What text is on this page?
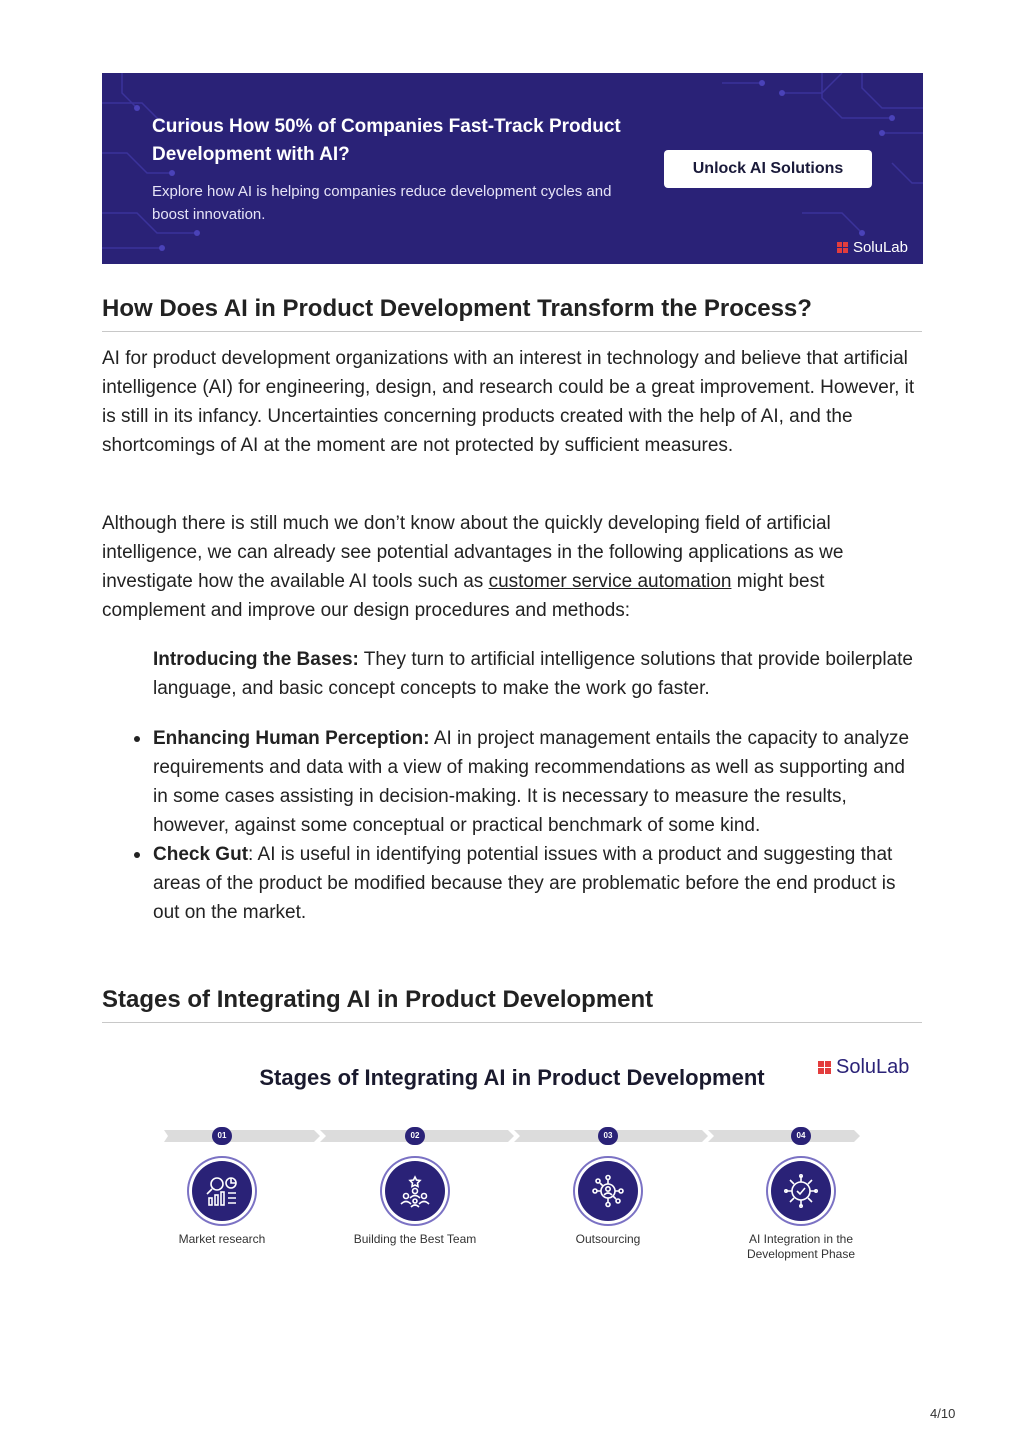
Curious How 50% of Companies Fast-Track Product Development with AI?
Explore how AI is helping companies reduce development cycles and boost innovation.
Unlock AI Solutions
SoluLab
How Does AI in Product Development Transform the Process?

AI for product development organizations with an interest in technology and believe that artificial intelligence (AI) for engineering, design, and research could be a great improvement. However, it is still in its infancy. Uncertainties concerning products created with the help of AI, and the shortcomings of AI at the moment are not protected by sufficient measures.

Although there is still much we don’t know about the quickly developing field of artificial intelligence, we can already see potential advantages in the following applications as we investigate how the available AI tools such as customer service automation might best complement and improve our design procedures and methods:

Introducing the Bases: They turn to artificial intelligence solutions that provide boilerplate language, and basic concept concepts to make the work go faster.

Enhancing Human Perception: AI in project management entails the capacity to analyze requirements and data with a view of making recommendations as well as supporting and in some cases assisting in decision-making. It is necessary to measure the results, however, against some conceptual or practical benchmark of some kind.
Check Gut: AI is useful in identifying potential issues with a product and suggesting that areas of the product be modified because they are problematic before the end product is out on the market.
Stages of Integrating AI in Product Development
Stages of Integrating AI in Product Development	SoluLab
01
Market research
02
Building the Best Team
03
Outsourcing
04
AI Integration in the Development Phase
4/10
